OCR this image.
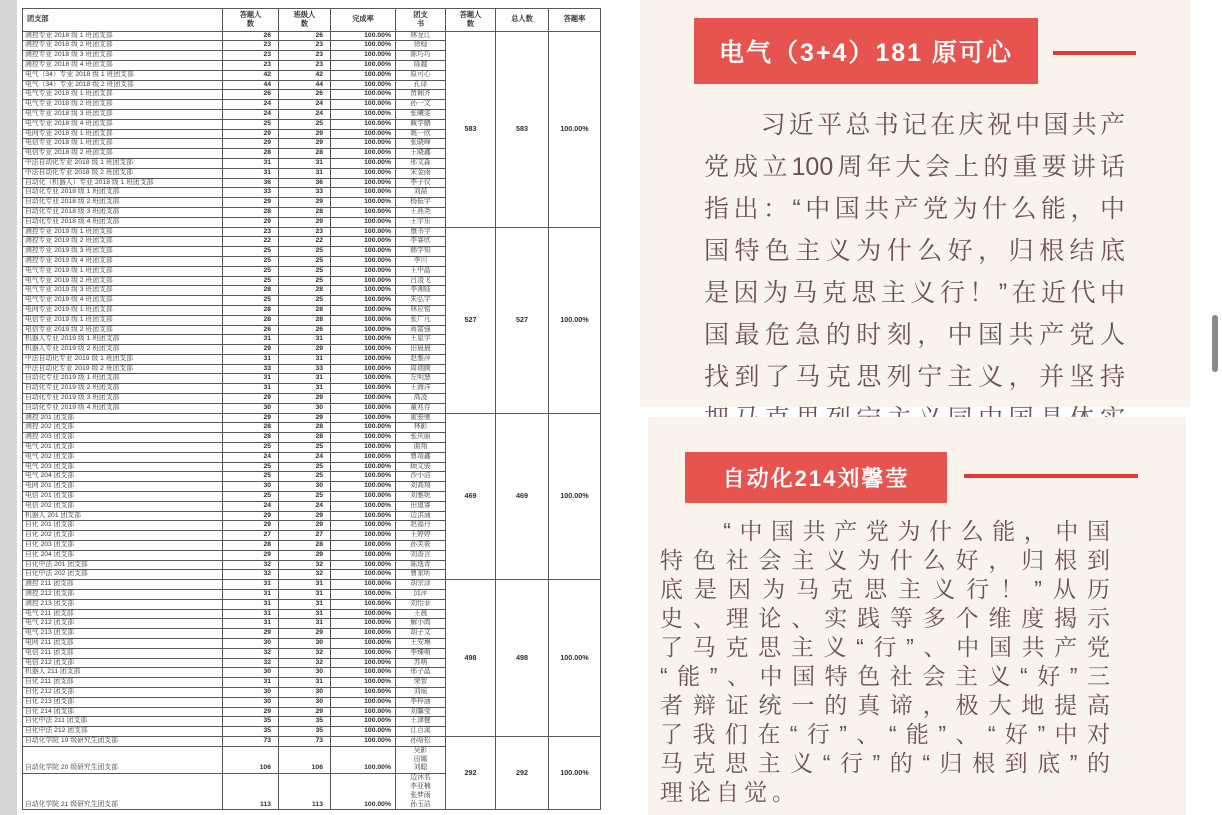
团支部	答题人数	班级人数	完成率	团支书	答题人数	总人数	答题率
测控专业 2018 级 1 班团支部	26	26	100.00%	林龙江	583	583	100.00%
测控专业 2018 级 2 班团支部	23	23	100.00%	徐稳			
测控专业 2018 级 3 班团支部	23	23	100.00%	陈巧巧			
测控专业 2018 级 4 班团支部	23	23	100.00%	陈越			
电气（34）专业 2018 级 1 班团支部	42	42	100.00%	原可心			
电气（34）专业 2018 级 2 班团支部	44	44	100.00%	孔译			
电气专业 2018 级 1 班团支部	26	26	100.00%	贾翱齐			
电气专业 2018 级 2 班团支部	24	24	100.00%	孙一文			
电气专业 2018 级 3 班团支部	24	24	100.00%	张曦雯			
电气专业 2018 级 4 班团支部	25	25	100.00%	臧学鹏			
电网专业 2018 级 1 班团支部	29	29	100.00%	姚一欣			
电信专业 2018 级 1 班团支部	29	29	100.00%	张晓峰			
电信专业 2018 级 2 班团支部	28	28	100.00%	王晓鑫			
中法自动化专业 2018 级 1 班团支部	31	31	100.00%	邢文淼			
中法自动化专业 2018 级 2 班团支部	31	31	100.00%	宋金雨			
自动化（机器人）专业 2018 级 1 班团支部	36	36	100.00%	李子仪			
自动化专业 2018 级 1 班团支部	33	33	100.00%	刘喆			
自动化专业 2018 级 2 班团支部	29	29	100.00%	杨振宇			
自动化专业 2018 级 3 班团支部	28	28	100.00%	王燕尧			
自动化专业 2018 级 4 班团支部	29	29	100.00%	王宇东			
测控专业 2019 级 1 班团支部	23	23	100.00%	康书宇	527	527	100.00%
测控专业 2019 级 2 班团支部	22	22	100.00%	李睿欣			
测控专业 2019 级 3 班团支部	25	25	100.00%	韩学知			
测控专业 2019 级 4 班团支部	25	25	100.00%	李川			
电气专业 2019 级 1 班团支部	25	25	100.00%	王中晶			
电气专业 2019 级 2 班团支部	25	25	100.00%	吕凌飞			
电气专业 2019 级 3 班团支部	28	28	100.00%	李湘临			
电气专业 2019 级 4 班团支部	25	25	100.00%	朱弘宇			
电网专业 2019 级 1 班团支部	28	28	100.00%	林应铭			
电信专业 2019 级 1 班团支部	28	28	100.00%	张广凡			
电信专业 2019 级 2 班团支部	26	26	100.00%	蒋富强			
机器人专业 2019 级 1 班团支部	31	31	100.00%	王星宇			
机器人专业 2019 级 2 班团支部	29	29	100.00%	田晨晨			
中法自动化专业 2019 级 1 班团支部	31	31	100.00%	赵雅萍			
中法自动化专业 2019 级 2 班团支部	33	33	100.00%	周瑞腾			
自动化专业 2019 级 1 班团支部	31	31	100.00%	左明慧			
自动化专业 2019 级 2 班团支部	31	31	100.00%	王海洋			
自动化专业 2019 级 3 班团支部	29	29	100.00%	高凌			
自动化专业 2019 级 4 班团支部	30	30	100.00%	董兆存			
测控 201 团支部	29	29	100.00%	霍骏驰	469	469	100.00%
测控 202 团支部	28	28	100.00%	林影			
测控 203 团支部	28	28	100.00%	张庆丽			
电气 201 团支部	25	25	100.00%	曲翔			
电气 202 团支部	24	24	100.00%	曹靖鑫			
电气 203 团支部	25	25	100.00%	顾文骏			
电气 204 团支部	25	25	100.00%	沙小洁			
电网 201 团支部	30	30	100.00%	刘高翔			
电信 201 团支部	25	25	100.00%	刘雅妮			
电信 202 团支部	24	24	100.00%	田道睿			
机器人 201 团支部	29	29	100.00%	边洪涌			
自化 201 团支部	29	29	100.00%	赵福丹			
自化 202 团支部	27	27	100.00%	王婷婷			
自化 203 团支部	28	28	100.00%	孙笑筱			
自化 204 团支部	29	29	100.00%	刘香言			
自化中法 201 团支部	32	32	100.00%	陈逸青			
自化中法 202 团支部	32	32	100.00%	曹家昕			
测控 211 团支部	31	31	100.00%	胡宗泽	498	498	100.00%
测控 212 团支部	31	31	100.00%	邱萍			
测控 213 团支部	31	31	100.00%	刘怡菲			
电气 211 团支部	31	31	100.00%	王晨			
电气 212 团支部	31	31	100.00%	解小鸽			
电气 213 团支部	29	29	100.00%	胡子文			
电网 211 团支部	30	30	100.00%	王安琳			
电信 211 团支部	32	32	100.00%	李臻萌			
电信 212 团支部	32	32	100.00%	苏萌			
机器人 211 团支部	30	30	100.00%	邢子晶			
自化 211 团支部	31	31	100.00%	荣智			
自化 212 团支部	30	30	100.00%	刘瑶			
自化 213 团支部	30	30	100.00%	李梓涵			
自化 214 团支部	29	29	100.00%	刘馨莹			
自化中法 211 团支部	35	35	100.00%	王津楗			
自化中法 212 团支部	35	35	100.00%	江百溪			
自动化学院 19 级研究生团支部	73	73	100.00%	孙晗松	292	292	100.00%
自动化学院 20 级研究生团支部	106	106	100.00%	吴影
田娜
刘聪			

自动化学院 21 级研究生团支部	113	113	100.00%	边沐名
李亚楠
张梦雨
孙玉洁			
电气（3+4）181 原可心
　　习近平总书记在庆祝中国共产
党成立100周年大会上的重要讲话
指出：“中国共产党为什么能，中
国特色主义为什么好，归根结底
是因为马克思主义行！”在近代中
国最危急的时刻，中国共产党人
找到了马克思列宁主义，并坚持
自动化214刘馨莹
　　“中国共产党为什么能，中国
特色社会主义为什么好，归根到
底是因为马克思主义行！”从历
史、理论、实践等多个维度揭示
了马克思主义“行”、中国共产党
“能”、中国特色社会主义“好”三
者辩证统一的真谛，极大地提高
了我们在“行”、“能”、“好”中对
马克思主义“行”的“归根到底”的
理论自觉。
